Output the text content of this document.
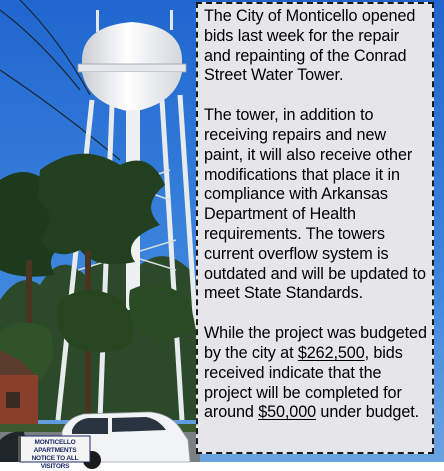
MONTICELLO APARTMENTS
NOTICE TO ALL VISITORS

The City of Monticello opened bids last week for the repair and repainting of the Conrad Street Water Tower.

The tower, in addition to receiving repairs and new paint, it will also receive other modifications that place it in compliance with Arkansas Department of Health requirements. The towers current overflow system is outdated and will be updated to meet State Standards.

While the project was budgeted by the city at $262,500, bids received indicate that the project will be completed for around $50,000 under budget.
